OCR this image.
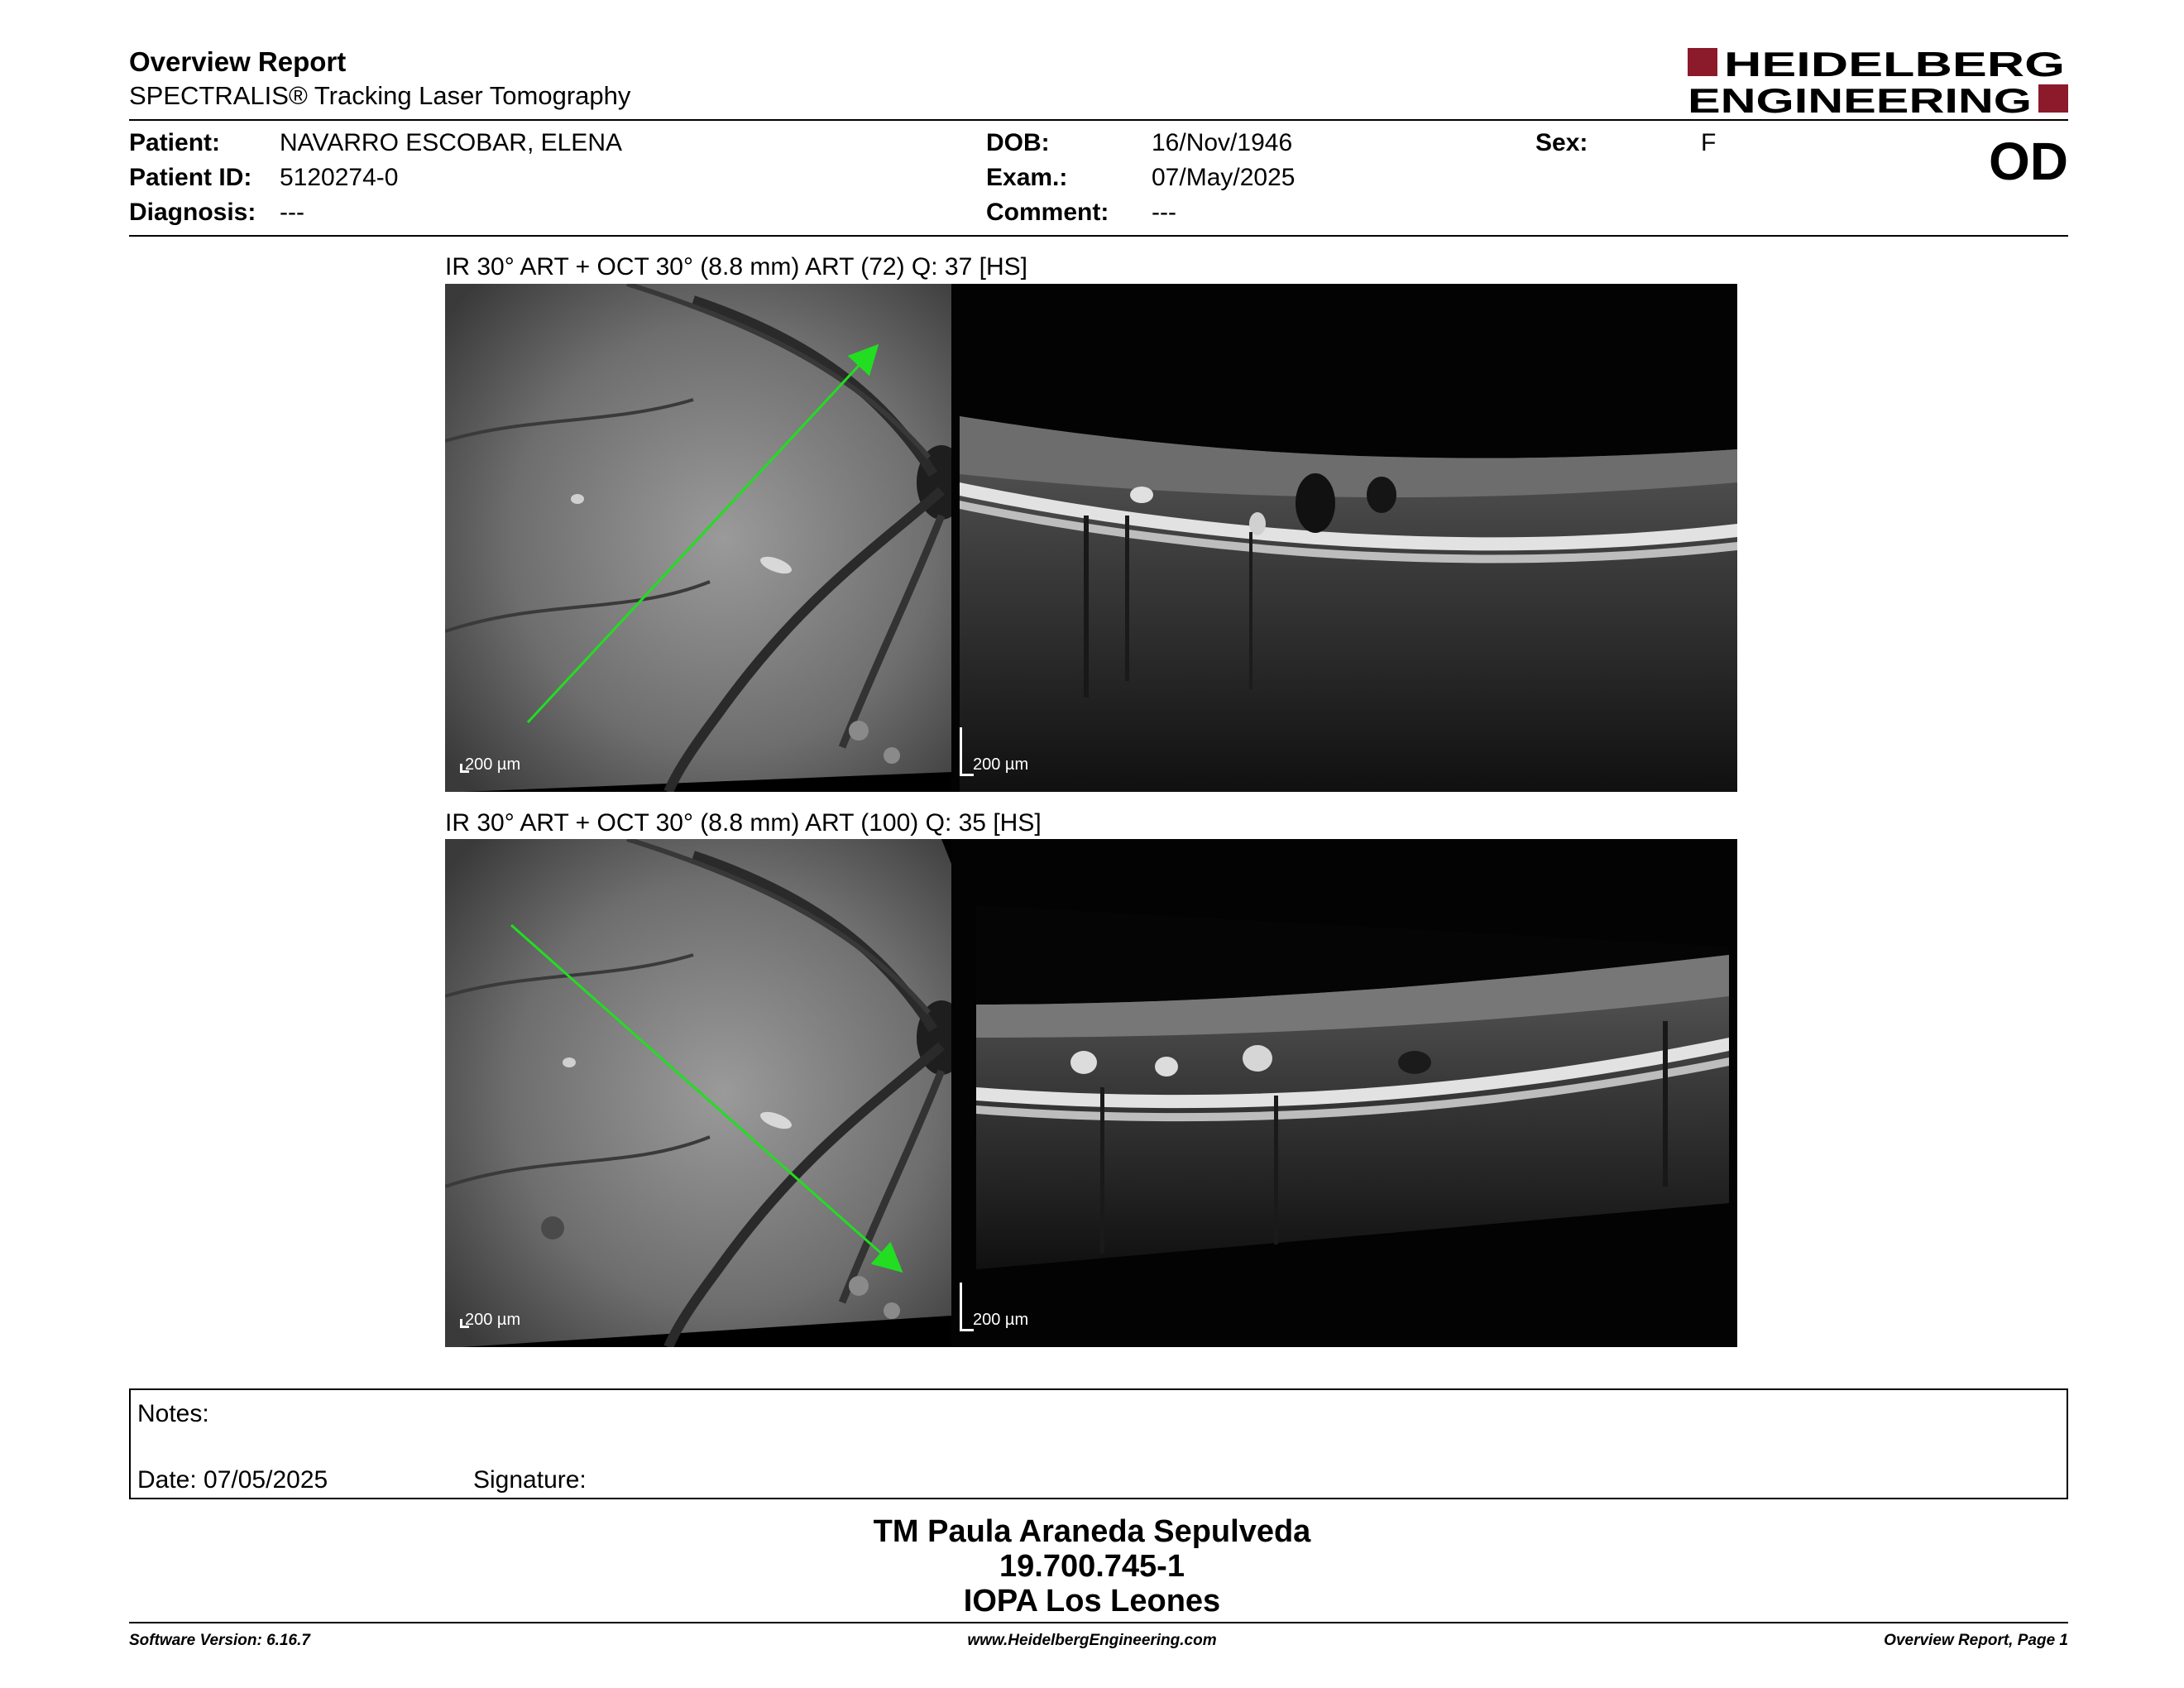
Overview Report
SPECTRALIS® Tracking Laser Tomography
HEIDELBERG
ENGINEERING
Patient: NAVARRO ESCOBAR, ELENA
Patient ID: 5120274-0
Diagnosis: ---
DOB:	16/Nov/1946
Exam.:	07/May/2025
Comment: ---
Sex:	F	OD
IR 30° ART + OCT 30° (8.8 mm) ART (72) Q: 37 [HS]
200 µm	200 µm
IR 30° ART + OCT 30° (8.8 mm) ART (100) Q: 35 [HS]
200 µm	200 µm
Notes:
Date: 07/05/2025	Signature:
TM Paula Araneda Sepulveda
19.700.745-1
IOPA Los Leones
Software Version: 6.16.7	www.HeidelbergEngineering.com	Overview Report, Page 1
